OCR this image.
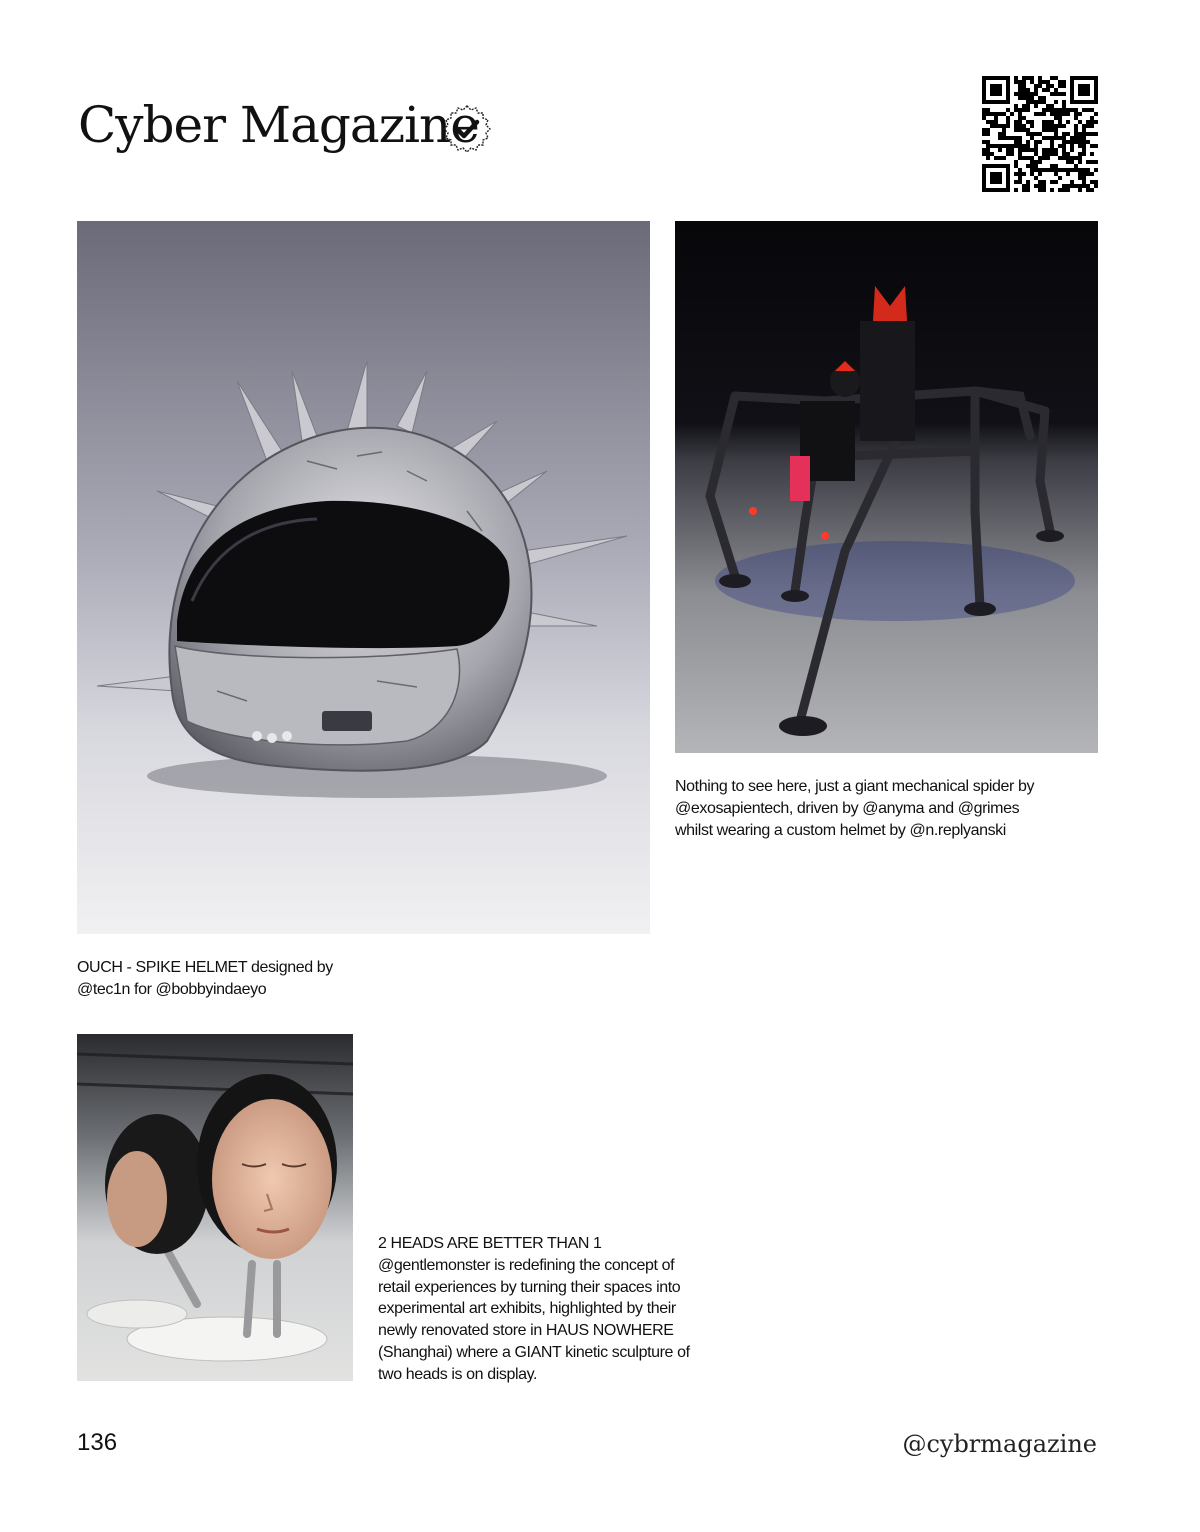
Cyber Magazine
Nothing to see here, just a giant mechanical spider by
@exosapientech, driven by @anyma and @grimes
whilst wearing a custom helmet by @n.replyanski
OUCH - SPIKE HELMET designed by
@tec1n for @bobbyindaeyo
2 HEADS ARE BETTER THAN 1
@gentlemonster is redefining the concept of
retail experiences by turning their spaces into
experimental art exhibits, highlighted by their
newly renovated store in HAUS NOWHERE
(Shanghai) where a GIANT kinetic sculpture of
two heads is on display.
136	@cybrmagazine
